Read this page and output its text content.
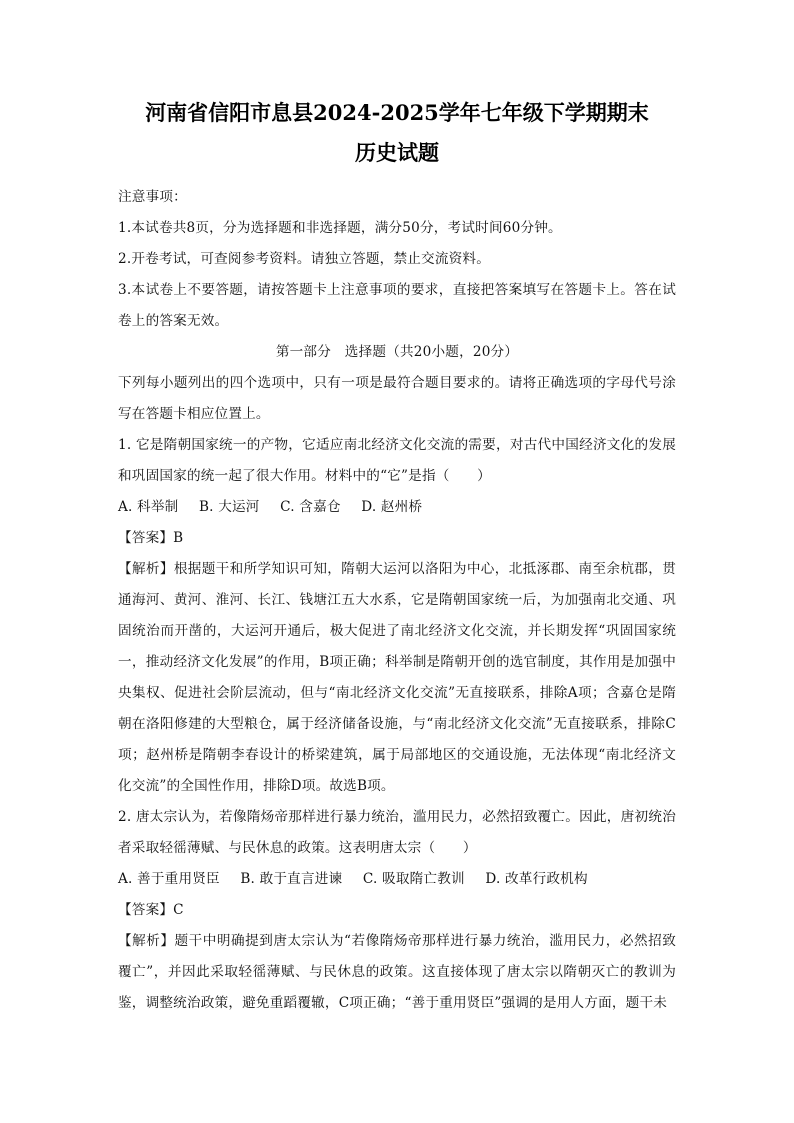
河南省信阳市息县2024-2025学年七年级下学期期末
历史试题

注意事项：

1.本试卷共8页，分为选择题和非选择题，满分50分，考试时间60分钟。

2.开卷考试，可查阅参考资料。请独立答题，禁止交流资料。

3.本试卷上不要答题，请按答题卡上注意事项的要求，直接把答案填写在答题卡上。答在试卷上的答案无效。

第一部分　选择题（共20小题，20分）

下列每小题列出的四个选项中，只有一项是最符合题目要求的。请将正确选项的字母代号涂写在答题卡相应位置上。

1. 它是隋朝国家统一的产物，它适应南北经济文化交流的需要，对古代中国经济文化的发展和巩固国家的统一起了很大作用。材料中的“它”是指（　　）

A. 科举制 B. 大运河 C. 含嘉仓 D. 赵州桥

【答案】B

【解析】根据题干和所学知识可知，隋朝大运河以洛阳为中心，北抵涿郡、南至余杭郡，贯通海河、黄河、淮河、长江、钱塘江五大水系，它是隋朝国家统一后，为加强南北交通、巩固统治而开凿的，大运河开通后，极大促进了南北经济文化交流，并长期发挥“巩固国家统一，推动经济文化发展”的作用，B项正确；科举制是隋朝开创的选官制度，其作用是加强中央集权、促进社会阶层流动，但与“南北经济文化交流”无直接联系，排除A项；含嘉仓是隋朝在洛阳修建的大型粮仓，属于经济储备设施，与“南北经济文化交流”无直接联系，排除C项；赵州桥是隋朝李春设计的桥梁建筑，属于局部地区的交通设施，无法体现“南北经济文化交流”的全国性作用，排除D项。故选B项。

2. 唐太宗认为，若像隋炀帝那样进行暴力统治，滥用民力，必然招致覆亡。因此，唐初统治者采取轻徭薄赋、与民休息的政策。这表明唐太宗（　　）

A. 善于重用贤臣 B. 敢于直言进谏 C. 吸取隋亡教训 D. 改革行政机构

【答案】C

【解析】题干中明确提到唐太宗认为“若像隋炀帝那样进行暴力统治，滥用民力，必然招致覆亡”，并因此采取轻徭薄赋、与民休息的政策。这直接体现了唐太宗以隋朝灭亡的教训为鉴，调整统治政策，避免重蹈覆辙，C项正确；“善于重用贤臣”强调的是用人方面，题干未
